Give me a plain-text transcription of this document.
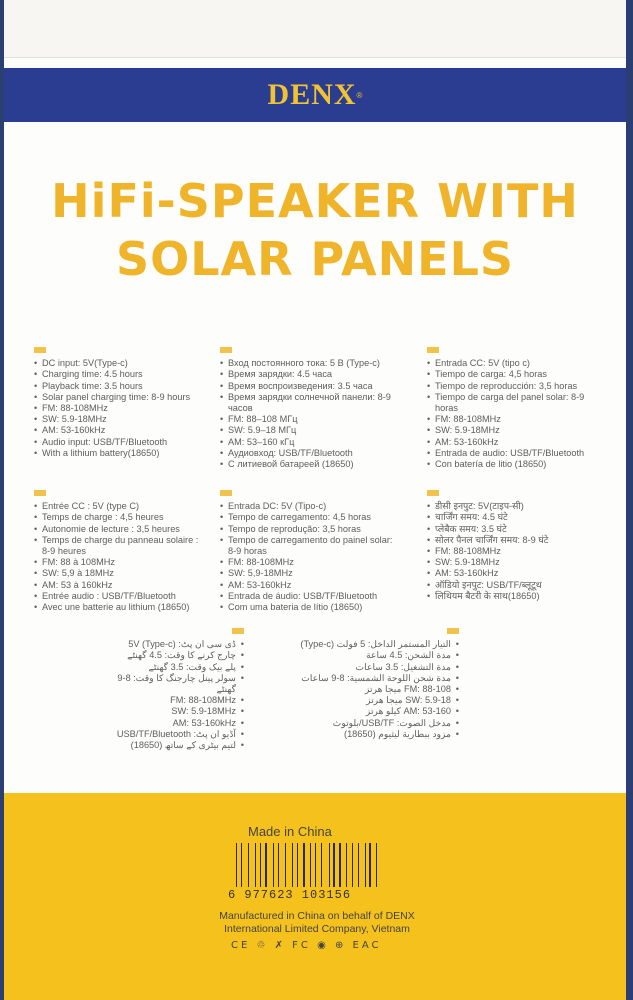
DENX ®
HiFi-SPEAKER WITH
SOLAR PANELS
• DC input: 5V(Type-c)
• Charging time: 4.5 hours
• Playback time: 3.5 hours
• Solar panel charging time: 8-9 hours
• FM: 88-108MHz
• SW: 5.9-18MHz
• AM: 53-160kHz
• Audio input: USB/TF/Bluetooth
• With a lithium battery(18650)
• Вход постоянного тока: 5 В (Type-c)
• Время зарядки: 4.5 часа
• Время воспроизведения: 3.5 часа
• Время зарядки солнечной панели: 8-9
часов
• FM: 88–108 МГц
• SW: 5.9–18 МГц
• AM: 53–160 кГц
• Аудиовход: USB/TF/Bluetooth
• С литиевой батареей (18650)
• Entrada CC: 5V (tipo c)
• Tiempo de carga: 4,5 horas
• Tiempo de reproducción: 3,5 horas
• Tiempo de carga del panel solar: 8-9
horas
• FM: 88-108MHz
• SW: 5.9-18MHz
• AM: 53-160kHz
• Entrada de audio: USB/TF/Bluetooth
• Con batería de litio (18650)
• Entrée CC : 5V (type C)
• Temps de charge : 4,5 heures
• Autonomie de lecture : 3,5 heures
• Temps de charge du panneau solaire :
8-9 heures
• FM: 88 à 108MHz
• SW: 5,9 à 18MHz
• AM: 53 à 160kHz
• Entrée audio : USB/TF/Bluetooth
• Avec une batterie au lithium (18650)
• Entrada DC: 5V (Tipo-c)
• Tempo de carregamento: 4,5 horas
• Tempo de reprodução: 3,5 horas
• Tempo de carregamento do painel solar:
8-9 horas
• FM: 88-108MHz
• SW: 5,9-18MHz
• AM: 53-160kHz
• Entrada de áudio: USB/TF/Bluetooth
• Com uma bateria de lítio (18650)
• डीसी इनपुट: 5V(टाइप-सी)
• चार्जिंग समय: 4.5 घंटे
• प्लेबैक समय: 3.5 घंटे
• सोलर पैनल चार्जिंग समय: 8-9 घंटे
• FM: 88-108MHz
• SW: 5.9-18MHz
• AM: 53-160kHz
• ऑडियो इनपुट: USB/TF/ब्लूटूथ
• लिथियम बैटरी के साथ(18650)
• ڈی سی ان پٹ: 5V (Type-c)
• چارج کرنے کا وقت: 4.5 گھنٹے
• پلے بیک وقت: 3.5 گھنٹے
• سولر پینل چارجنگ کا وقت: 8-9 گھنٹے
• FM: 88-108MHz
• SW: 5.9-18MHz
• AM: 53-160kHz
• آڈیو ان پٹ: USB/TF/Bluetooth
• لتیم بیٹری کے ساتھ (18650)
• التيار المستمر الداخل: 5 فولت (Type-c)
• مدة الشحن: 4.5 ساعة
• مدة التشغيل: 3.5 ساعات
• مدة شحن اللوحة الشمسية: 8-9 ساعات
• FM: 88-108 ميجا هرتز
• SW: 5.9-18 ميجا هرتز
• AM: 53-160 كيلو هرتز
• مدخل الصوت: USB/TF/بلوتوث
• مزود ببطارية ليثيوم (18650)
Made in China
6 977623 103156
Manufactured in China on behalf of DENX
International Limited Company, Vietnam
CE ♲ ✗ FC ◉ ⊕ EAC
